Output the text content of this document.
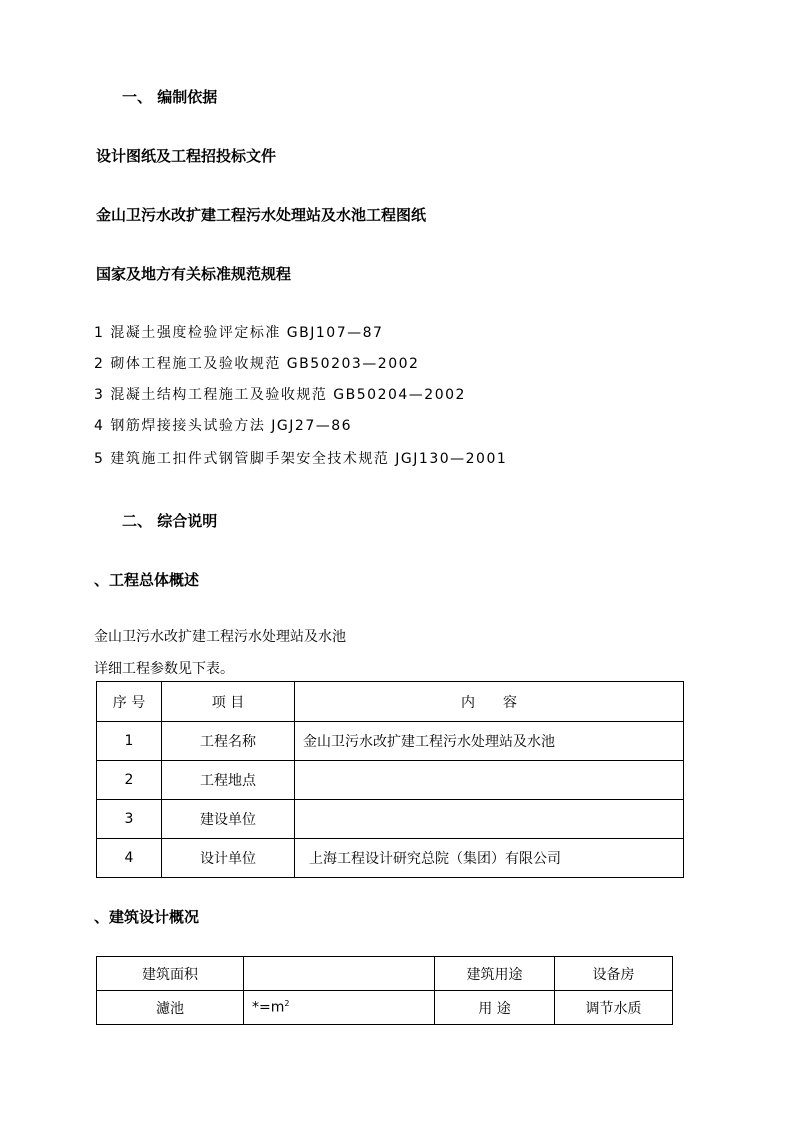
一、 编制依据
设计图纸及工程招投标文件
金山卫污水改扩建工程污水处理站及水池工程图纸
国家及地方有关标准规范规程
1 混凝土强度检验评定标准 GBJ107—87
2 砌体工程施工及验收规范 GB50203—2002
3 混凝土结构工程施工及验收规范 GB50204—2002
4 钢筋焊接接头试验方法 JGJ27—86
5 建筑施工扣件式钢管脚手架安全技术规范 JGJ130—2001
二、 综合说明
、工程总体概述
金山卫污水改扩建工程污水处理站及水池
详细工程参数见下表。
序 号	项 目	内　　容
1	工程名称	金山卫污水改扩建工程污水处理站及水池
2	工程地点	
3	建设单位	
4	设计单位	上海工程设计研究总院（集团）有限公司
、建筑设计概况
建筑面积		建筑用途	设备房
濾池	$*=m^2$	用 途	调节水质
